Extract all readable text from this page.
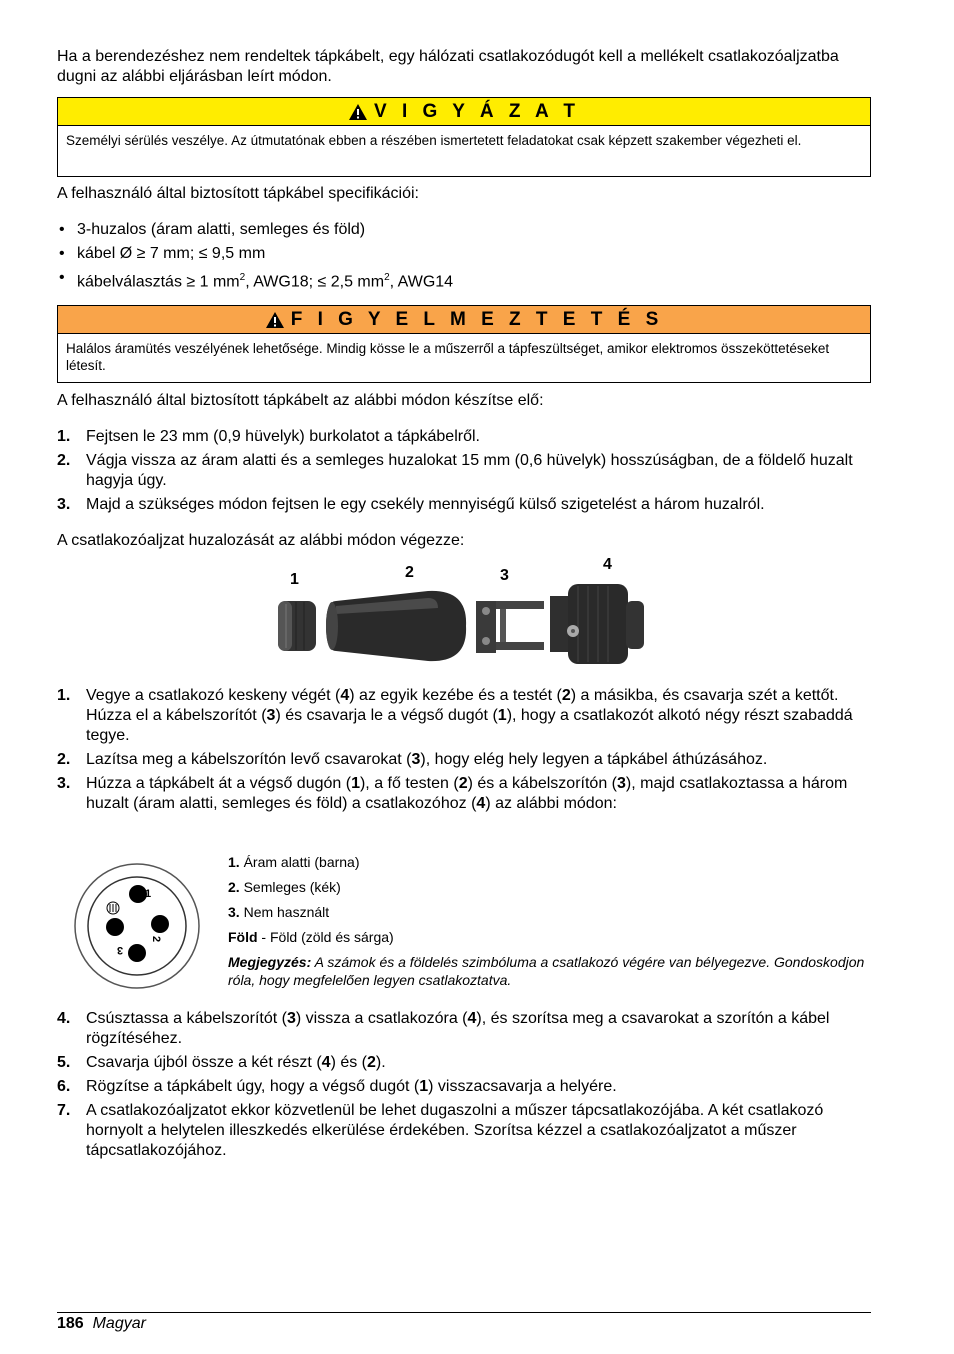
Ha a berendezéshez nem rendeltek tápkábelt, egy hálózati csatlakozódugót kell a mellékelt csatlakozóaljzatba dugni az alábbi eljárásban leírt módon.
V I G Y Á Z A T
Személyi sérülés veszélye. Az útmutatónak ebben a részében ismertetett feladatokat csak képzett szakember végezheti el.
A felhasználó által biztosított tápkábel specifikációi:
• 3-huzalos (áram alatti, semleges és föld)
• kábel Ø ≥ 7 mm; ≤ 9,5 mm
• kábelválasztás ≥ 1 $mm^2$, AWG18; ≤ 2,5 $mm^2$, AWG14
F I G Y E L M E Z T E T É S
Halálos áramütés veszélyének lehetősége. Mindig kösse le a műszerről a tápfeszültséget, amikor elektromos összeköttetéseket létesít.
A felhasználó által biztosított tápkábelt az alábbi módon készítse elő:
1. Fejtsen le 23 mm (0,9 hüvelyk) burkolatot a tápkábelről.
2. Vágja vissza az áram alatti és a semleges huzalokat 15 mm (0,6 hüvelyk) hosszúságban, de a földelő huzalt hagyja úgy.
3. Majd a szükséges módon fejtsen le egy csekély mennyiségű külső szigetelést a három huzalról.
A csatlakozóaljzat huzalozását az alábbi módon végezze:
1	2	3
4
1. Vegye a csatlakozó keskeny végét (4) az egyik kezébe és a testét (2) a másikba, és csavarja szét a kettőt. Húzza el a kábelszorítót (3) és csavarja le a végső dugót (1), hogy a csatlakozót alkotó négy részt szabaddá tegye.
2. Lazítsa meg a kábelszorítón levő csavarokat (3), hogy elég hely legyen a tápkábel áthúzásához.
3. Húzza a tápkábelt át a végső dugón (1), a fő testen (2) és a kábelszorítón (3), majd csatlakoztassa a három huzalt (áram alatti, semleges és föld) a csatlakozóhoz (4) az alábbi módon:
1
2
3
1. Áram alatti (barna)
2. Semleges (kék)
3. Nem használt
Föld - Föld (zöld és sárga)
Megjegyzés: A számok és a földelés szimbóluma a csatlakozó végére van bélyegezve. Gondoskodjon róla, hogy megfelelően legyen csatlakoztatva.
4. Csúsztassa a kábelszorítót (3) vissza a csatlakozóra (4), és szorítsa meg a csavarokat a szorítón a kábel rögzítéséhez.
5. Csavarja újból össze a két részt (4) és (2).
6. Rögzítse a tápkábelt úgy, hogy a végső dugót (1) visszacsavarja a helyére.
7. A csatlakozóaljzatot ekkor közvetlenül be lehet dugaszolni a műszer tápcsatlakozójába. A két csatlakozó hornyolt a helytelen illeszkedés elkerülése érdekében. Szorítsa kézzel a csatlakozóaljzatot a műszer tápcsatlakozójához.
186 Magyar
